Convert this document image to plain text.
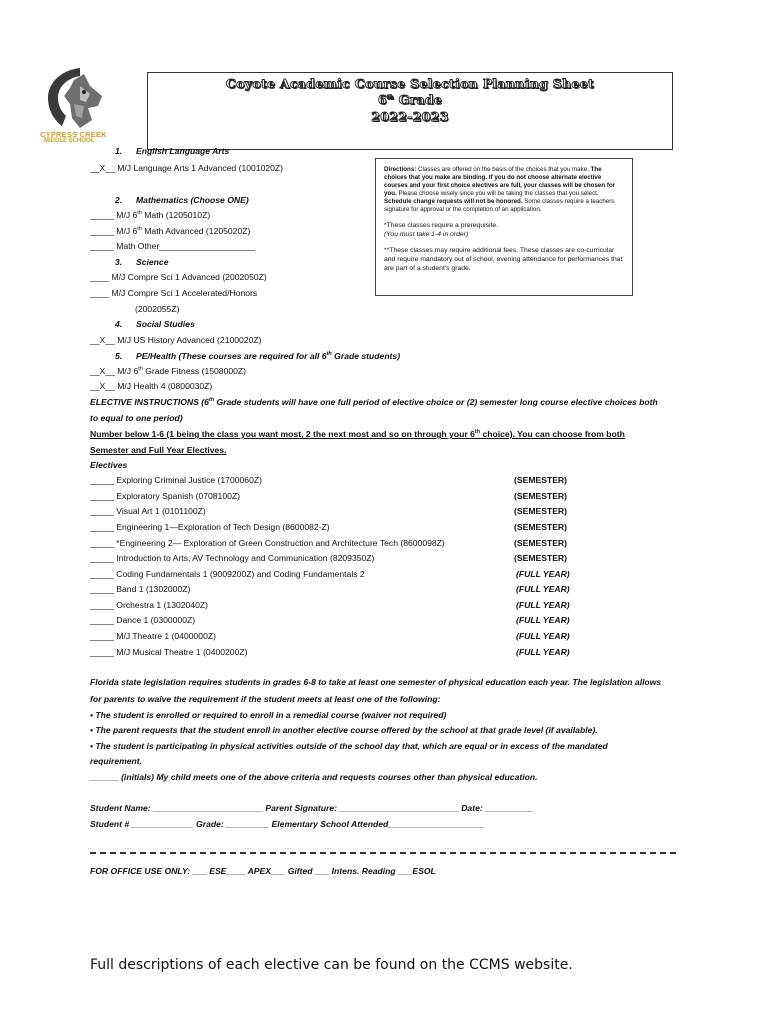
CYPRESS CREEK
MIDDLE SCHOOL
Coyote Academic Course Selection Planning Sheet
6th Grade
2022-2023

Directions: Classes are offered on the basis of the choices that you make. The choices that you make are binding. If you do not choose alternate elective courses and your first choice electives are full, your classes will be chosen for you. Please choose wisely since you will be taking the classes that you select. Schedule change requests will not be honored. Some classes require a teachers signature for approval or the completion of an application.

*These classes require a prerequisite.
(You must take 1-4 in order)

**These classes may require additional fees. These classes are co-curricular and require mandatory out of school, evening attendance for performances that are part of a student's grade.

1. English Language Arts
__X__ M/J Language Arts 1 Advanced (1001020Z)
2. Mathematics (Choose ONE)
_____ M/J 6th Math (1205010Z)
_____ M/J 6th Math Advanced (1205020Z)
_____ Math Other____________________
3. Science
____ M/J Compre Sci 1 Advanced (2002050Z)
____ M/J Compre Sci 1 Accelerated/Honors
(2002055Z)
4. Social Studies
__X__ M/J US History Advanced (2100020Z)
5. PE/Health (These courses are required for all 6th Grade students)
__X__ M/J 6th Grade Fitness (1508000Z)
__X__ M/J Health 4 (0800030Z)
ELECTIVE INSTRUCTIONS (6th Grade students will have one full period of elective choice or (2) semester long course elective choices both
to equal to one period)
Number below 1-6 (1 being the class you want most, 2 the next most and so on through your 6th choice). You can choose from both
Semester and Full Year Electives.
Electives
_____ Exploring Criminal Justice (1700060Z)	(SEMESTER)
_____ Exploratory Spanish (0708100Z)	(SEMESTER)
_____ Visual Art 1 (0101100Z)	(SEMESTER)
_____ Engineering 1—Exploration of Tech Design (8600082-Z)	(SEMESTER)
_____ *Engineering 2— Exploration of Green Construction and Architecture Tech (8600098Z)	(SEMESTER)
_____ Introduction to Arts, AV Technology and Communication (8209350Z)	(SEMESTER)
_____ Coding Fundamentals 1 (9009200Z) and Coding Fundamentals 2	(FULL YEAR)
_____ Band 1 (1302000Z)	(FULL YEAR)
_____ Orchestra 1 (1302040Z)	(FULL YEAR)
_____ Dance 1 (0300000Z)	(FULL YEAR)
_____ M/J Theatre 1 (0400000Z)	(FULL YEAR)
_____ M/J Musical Theatre 1 (0400200Z)	(FULL YEAR)
Florida state legislation requires students in grades 6-8 to take at least one semester of physical education each year. The legislation allows
for parents to waive the requirement if the student meets at least one of the following:
• The student is enrolled or required to enroll in a remedial course (waiver not required)
• The parent requests that the student enroll in another elective course offered by the school at that grade level (if available).
• The student is participating in physical activities outside of the school day that, which are equal or in excess of the mandated
requirement.
______ (initials) My child meets one of the above criteria and requests courses other than physical education.
Student Name: _______________________ Parent Signature: _________________________ Date: __________
Student # _____________ Grade: _________ Elementary School Attended____________________
FOR OFFICE USE ONLY: ___ ESE____ APEX___ Gifted ___ Intens. Reading ___ESOL
Full descriptions of each elective can be found on the CCMS website.
